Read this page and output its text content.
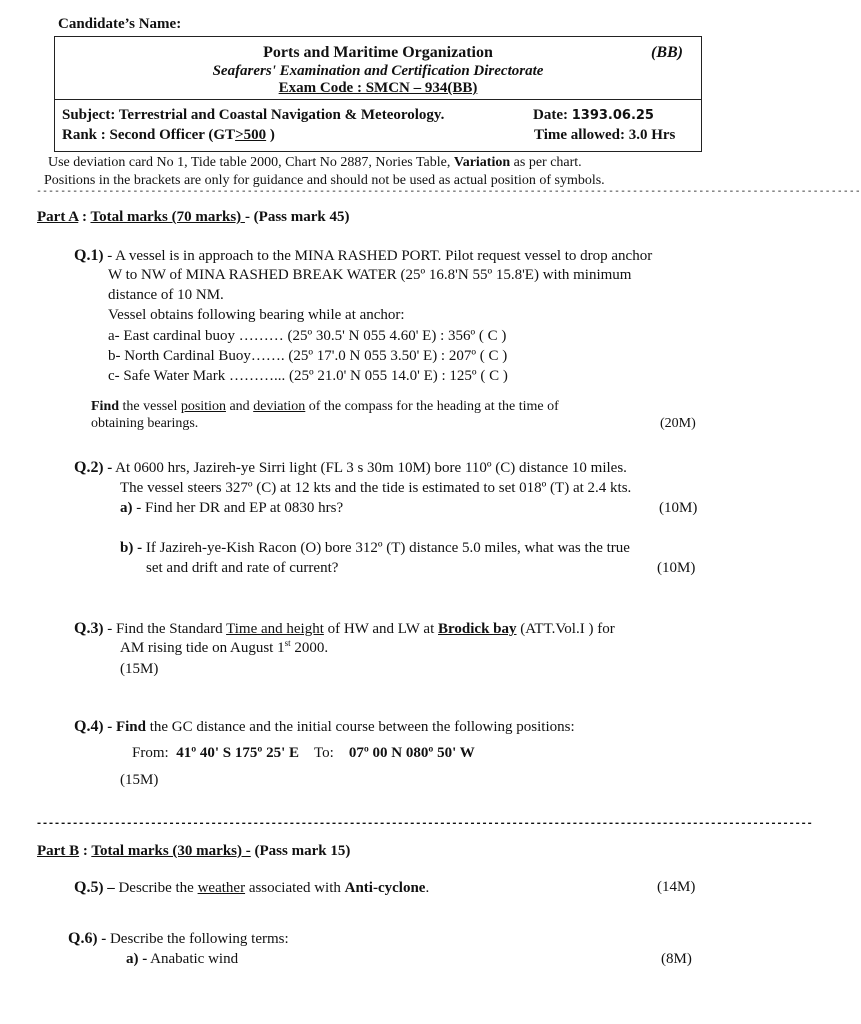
Candidate’s Name:
Ports and Maritime Organization	(BB)
Seafarers' Examination and Certification Directorate
Exam Code : SMCN – 934(BB)
Subject: Terrestrial and Coastal Navigation & Meteorology.	Date: 1393.06.25
Rank : Second Officer (GT>500 )	Time allowed: 3.0 Hrs
Use deviation card No 1, Tide table 2000, Chart No 2887, Nories Table, Variation as per chart.
Positions in the brackets are only for guidance and should not be used as actual position of symbols.
-----------------------------------------------------------------------------------------------------------------------------------------
Part A : Total marks (70 marks) - (Pass mark 45)
Q.1) - A vessel is in approach to the MINA RASHED PORT. Pilot request vessel to drop anchor
W to NW of MINA RASHED BREAK WATER (25º 16.8'N 55º 15.8'E) with minimum
distance of 10 NM.
Vessel obtains following bearing while at anchor:
a- East cardinal buoy ……… (25º 30.5' N 055 4.60' E) : 356º ( C )
b- North Cardinal Buoy……. (25º 17'.0 N 055 3.50' E) : 207º ( C )
c- Safe Water Mark ………... (25º 21.0' N 055 14.0' E) : 125º ( C )
Find the vessel position and deviation of the compass for the heading at the time of
obtaining bearings.	(20M)
Q.2) - At 0600 hrs, Jazireh-ye Sirri light (FL 3 s 30m 10M) bore 110º (C) distance 10 miles.
The vessel steers 327º (C) at 12 kts and the tide is estimated to set 018º (T) at 2.4 kts.
a) - Find her DR and EP at 0830 hrs?	(10M)
b) - If Jazireh-ye-Kish Racon (O) bore 312º (T) distance 5.0 miles, what was the true
set and drift and rate of current?	(10M)
Q.3) - Find the Standard Time and height of HW and LW at Brodick bay (ATT.Vol.I ) for
AM rising tide on August 1st 2000.
(15M)
Q.4) - Find the GC distance and the initial course between the following positions:
From: 41º 40' S 175º 25' E To: 07º 00 N 080º 50' W
(15M)
---------------------------------------------------------------------------------------------------------------------------------
Part B : Total marks (30 marks) - (Pass mark 15)
Q.5) – Describe the weather associated with Anti-cyclone.	(14M)
Q.6) - Describe the following terms:
a) - Anabatic wind	(8M)
